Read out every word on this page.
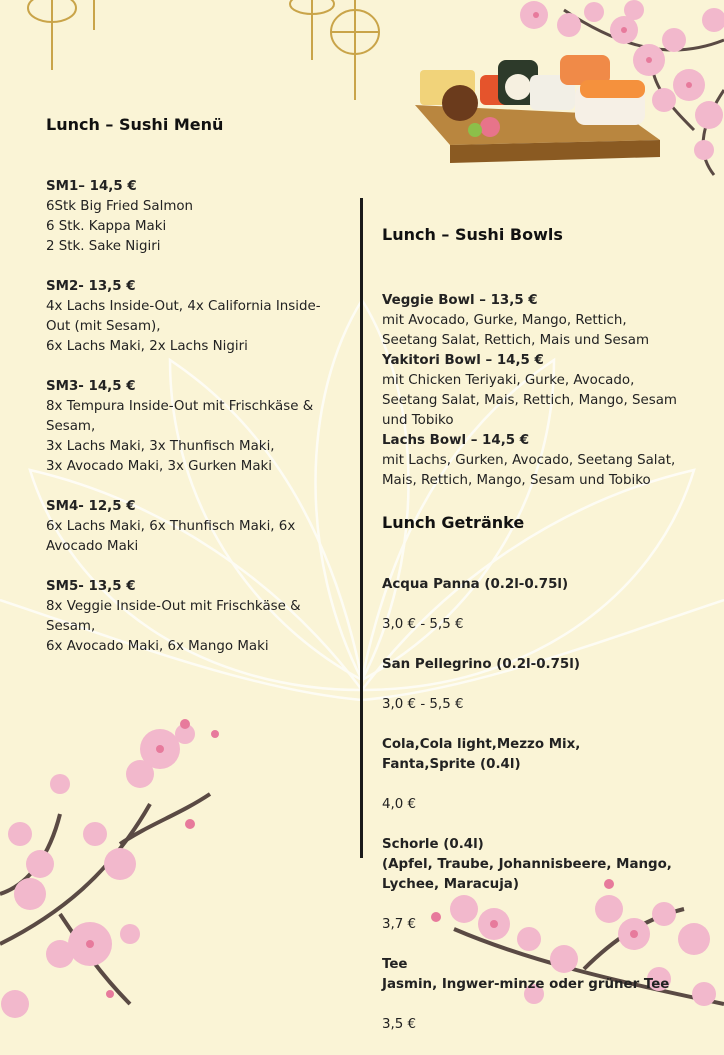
Lunch – Sushi Menü

SM1– 14,5 €

6Stk Big Fried Salmon

6 Stk. Kappa Maki

2 Stk. Sake Nigiri

SM2- 13,5 €

4x Lachs Inside-Out, 4x California Inside-

Out (mit Sesam),

6x Lachs Maki, 2x Lachs Nigiri

SM3- 14,5 €

8x Tempura Inside-Out mit Frischkäse &

Sesam,

3x Lachs Maki, 3x Thunfisch Maki,

3x Avocado Maki, 3x Gurken Maki

SM4- 12,5 €

6x Lachs Maki, 6x Thunfisch Maki, 6x

Avocado Maki

SM5- 13,5 €

8x Veggie Inside-Out mit Frischkäse &

Sesam,

6x Avocado Maki, 6x Mango Maki

Lunch – Sushi Bowls

Veggie Bowl – 13,5 €

mit Avocado, Gurke, Mango, Rettich,

Seetang Salat, Rettich, Mais und Sesam

Yakitori Bowl – 14,5 €

mit Chicken Teriyaki, Gurke, Avocado,

Seetang Salat, Mais, Rettich, Mango, Sesam

und Tobiko

Lachs Bowl – 14,5 €

mit Lachs, Gurken, Avocado, Seetang Salat,

Mais, Rettich, Mango, Sesam und Tobiko

Lunch Getränke

Acqua Panna (0.2l-0.75l)

3,0 € - 5,5 €

San Pellegrino (0.2l-0.75l)

3,0 € - 5,5 €

Cola,Cola light,Mezzo Mix,
Fanta,Sprite (0.4l)

4,0 €

Schorle (0.4l)
(Apfel, Traube, Johannisbeere, Mango,
Lychee, Maracuja)

3,7 €

Tee
Jasmin, Ingwer-minze oder grüner Tee

3,5 €
